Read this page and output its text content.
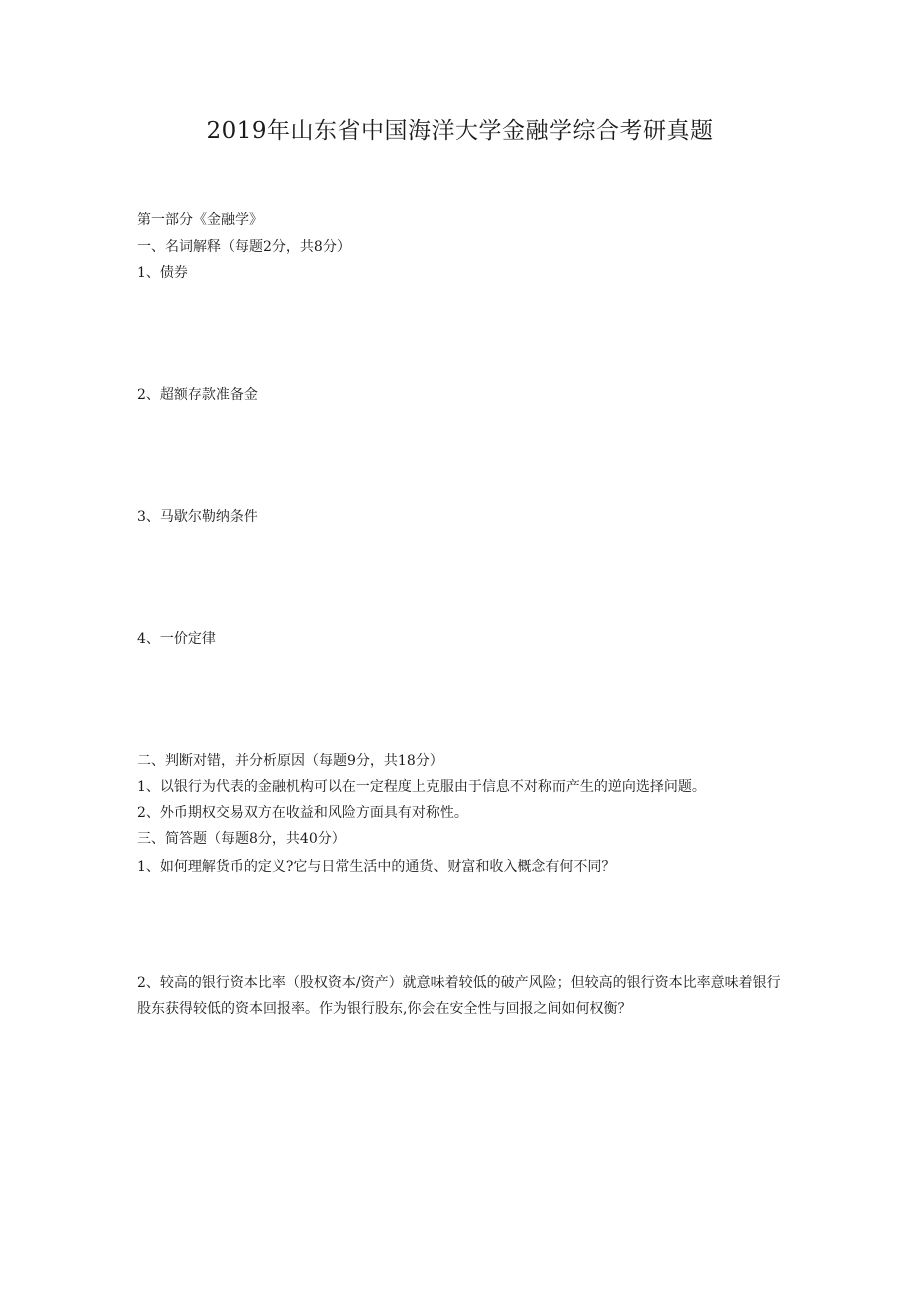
2019年山东省中国海洋大学金融学综合考研真题
第一部分《金融学》
一、名词解释（每题2分，共8分）
1、债券
2、超额存款准备金
3、马歇尔勒纳条件
4、一价定律
二、判断对错，并分析原因（每题9分，共18分）
1、以银行为代表的金融机构可以在一定程度上克服由于信息不对称而产生的逆向选择问题。
2、外币期权交易双方在收益和风险方面具有对称性。
三、简答题（每题8分，共40分）
1、如何理解货币的定义?它与日常生活中的通货、财富和收入概念有何不同？
2、较高的银行资本比率（股权资本/资产）就意味着较低的破产风险；但较高的银行资本比率意味着银行股东获得较低的资本回报率。作为银行股东,你会在安全性与回报之间如何权衡？
